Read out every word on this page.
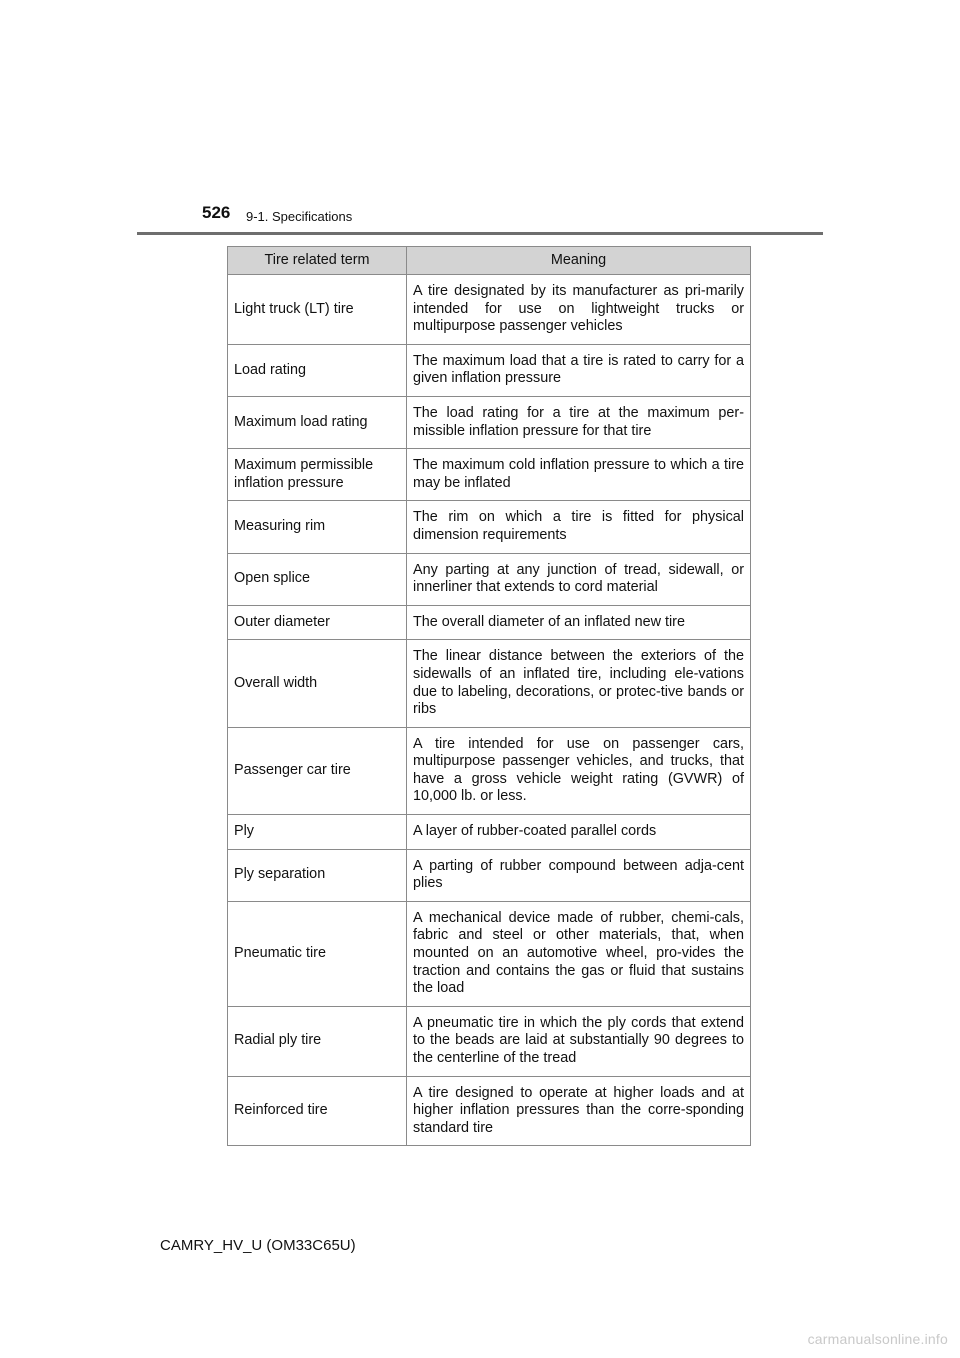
526 9-1. Specifications
Tire related term	Meaning
Light truck (LT) tire	A tire designated by its manufacturer as pri-marily intended for use on lightweight trucks or multipurpose passenger vehicles
Load rating	The maximum load that a tire is rated to carry for a given inflation pressure
Maximum load rating	The load rating for a tire at the maximum per-missible inflation pressure for that tire
Maximum permissible inflation pressure	The maximum cold inflation pressure to which a tire may be inflated
Measuring rim	The rim on which a tire is fitted for physical dimension requirements
Open splice	Any parting at any junction of tread, sidewall, or innerliner that extends to cord material
Outer diameter	The overall diameter of an inflated new tire
Overall width	The linear distance between the exteriors of the sidewalls of an inflated tire, including ele-vations due to labeling, decorations, or protec-tive bands or ribs
Passenger car tire	A tire intended for use on passenger cars, multipurpose passenger vehicles, and trucks, that have a gross vehicle weight rating (GVWR) of 10,000 lb. or less.
Ply	A layer of rubber-coated parallel cords
Ply separation	A parting of rubber compound between adja-cent plies
Pneumatic tire	A mechanical device made of rubber, chemi-cals, fabric and steel or other materials, that, when mounted on an automotive wheel, pro-vides the traction and contains the gas or fluid that sustains the load
Radial ply tire	A pneumatic tire in which the ply cords that extend to the beads are laid at substantially 90 degrees to the centerline of the tread
Reinforced tire	A tire designed to operate at higher loads and at higher inflation pressures than the corre-sponding standard tire
CAMRY_HV_U (OM33C65U)
carmanualsonline.info
